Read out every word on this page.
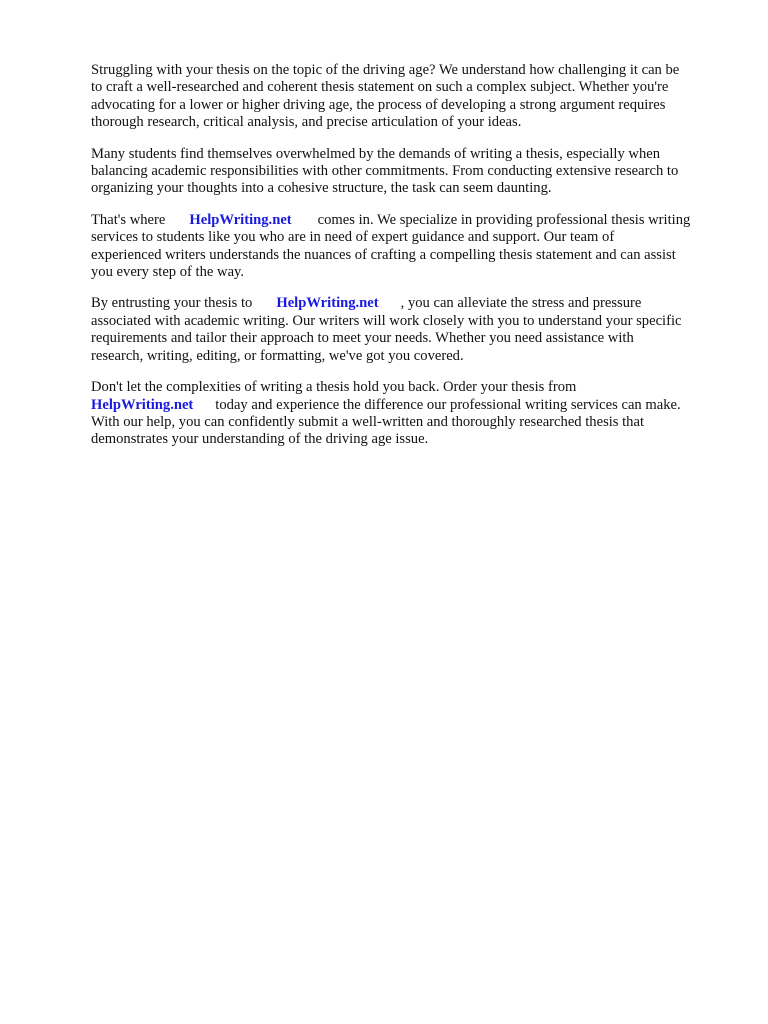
Struggling with your thesis on the topic of the driving age? We understand how challenging it can be
to craft a well-researched and coherent thesis statement on such a complex subject. Whether you're
advocating for a lower or higher driving age, the process of developing a strong argument requires
thorough research, critical analysis, and precise articulation of your ideas.

Many students find themselves overwhelmed by the demands of writing a thesis, especially when
balancing academic responsibilities with other commitments. From conducting extensive research to
organizing your thoughts into a cohesive structure, the task can seem daunting.

That's where HelpWriting.net comes in. We specialize in providing professional thesis writing
services to students like you who are in need of expert guidance and support. Our team of
experienced writers understands the nuances of crafting a compelling thesis statement and can assist
you every step of the way.

By entrusting your thesis to HelpWriting.net , you can alleviate the stress and pressure
associated with academic writing. Our writers will work closely with you to understand your specific
requirements and tailor their approach to meet your needs. Whether you need assistance with
research, writing, editing, or formatting, we've got you covered.

Don't let the complexities of writing a thesis hold you back. Order your thesis from
HelpWriting.net today and experience the difference our professional writing services can make.
With our help, you can confidently submit a well-written and thoroughly researched thesis that
demonstrates your understanding of the driving age issue.
